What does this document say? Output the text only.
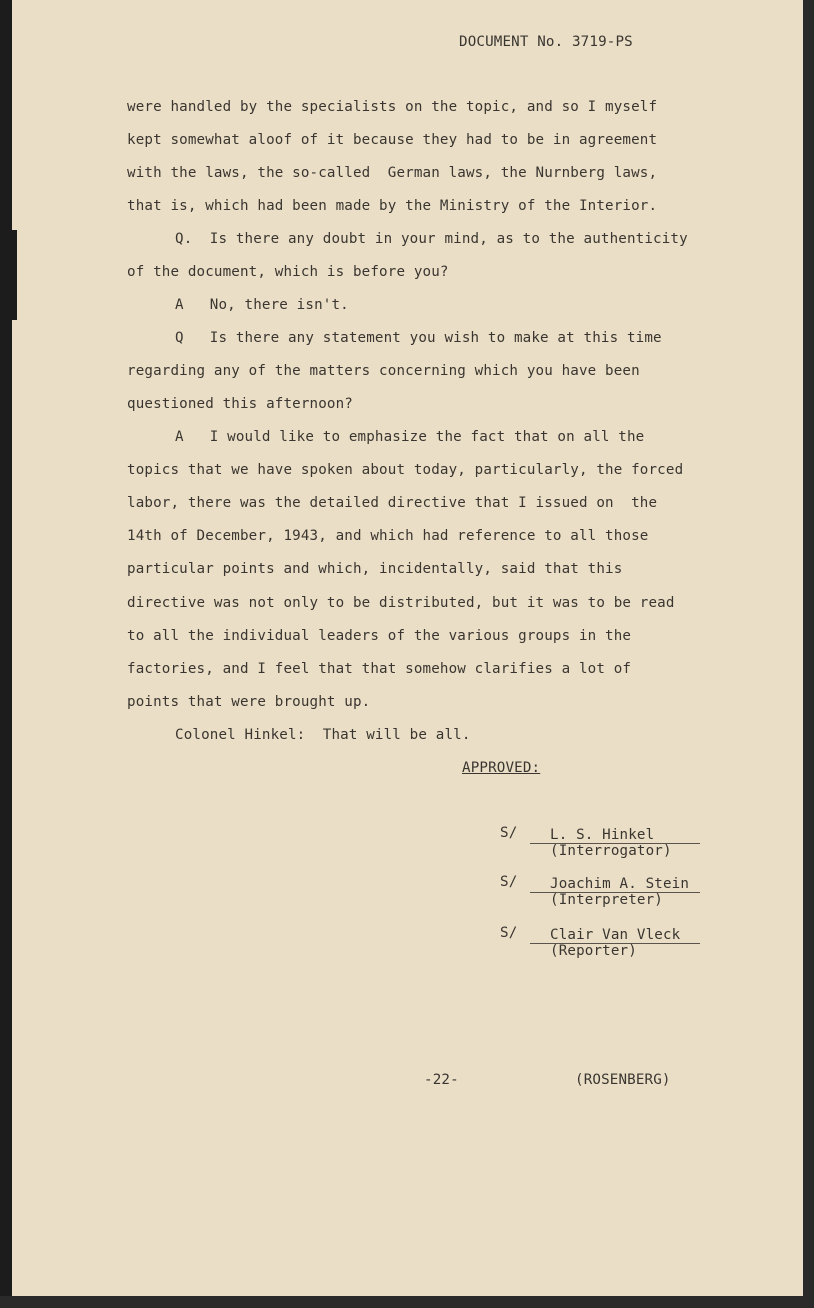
DOCUMENT No. 3719-PS
were handled by the specialists on the topic, and so I myself
kept somewhat aloof of it because they had to be in agreement
with the laws, the so-called  German laws, the Nurnberg laws,
that is, which had been made by the Ministry of the Interior.
Q.  Is there any doubt in your mind, as to the authenticity
of the document, which is before you?
A   No, there isn't.
Q   Is there any statement you wish to make at this time
regarding any of the matters concerning which you have been
questioned this afternoon?
A   I would like to emphasize the fact that on all the
topics that we have spoken about today, particularly, the forced
labor, there was the detailed directive that I issued on  the
14th of December, 1943, and which had reference to all those
particular points and which, incidentally, said that this
directive was not only to be distributed, but it was to be read
to all the individual leaders of the various groups in the
factories, and I feel that that somehow clarifies a lot of
points that were brought up.
Colonel Hinkel:  That will be all.
APPROVED:
S/ L. S. Hinkel
(Interrogator)
S/ Joachim A. Stein
(Interpreter)
S/ Clair Van Vleck
(Reporter)
-22-	(ROSENBERG)
